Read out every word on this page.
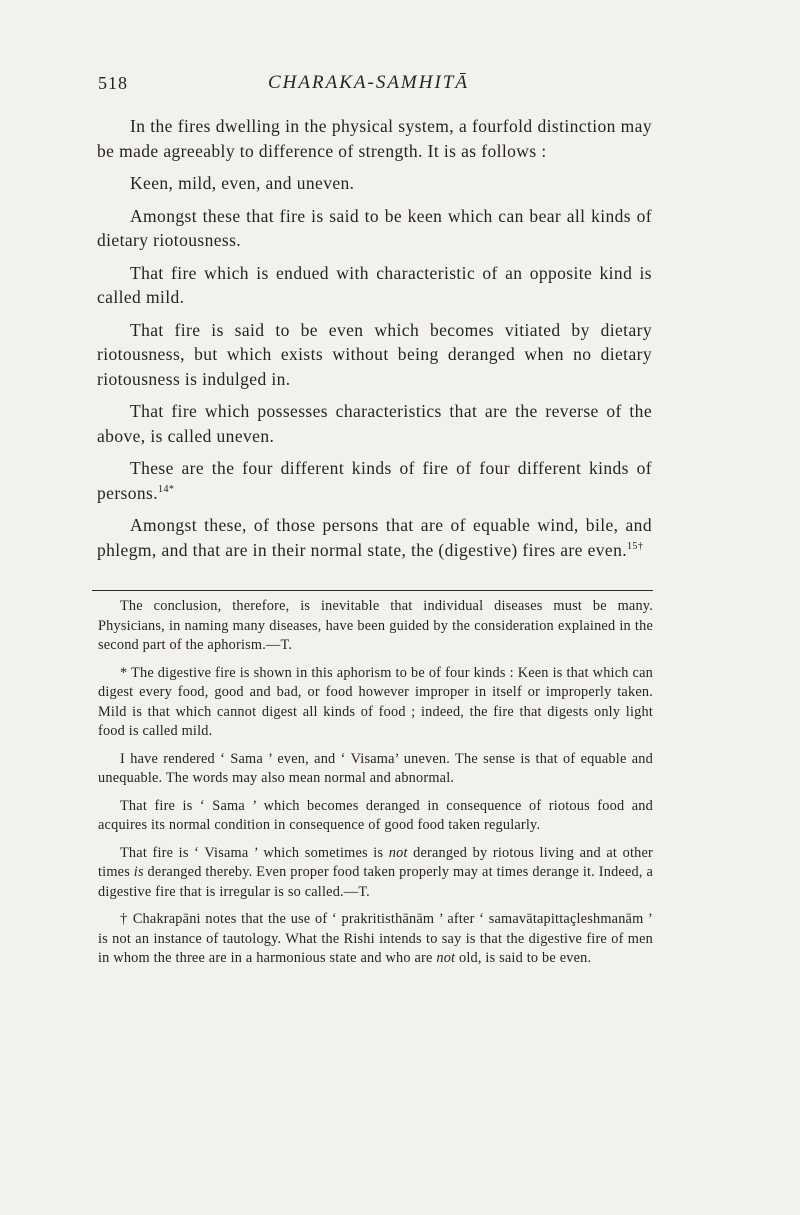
518	CHARAKA-SAMHITĀ

In the fires dwelling in the physical system, a fourfold distinction may be made agreeably to difference of strength. It is as follows :

Keen, mild, even, and uneven.

Amongst these that fire is said to be keen which can bear all kinds of dietary riotousness.

That fire which is endued with characteristic of an opposite kind is called mild.

That fire is said to be even which becomes vitiated by dietary riotousness, but which exists without being deranged when no dietary riotousness is indulged in.

That fire which possesses characteristics that are the reverse of the above, is called uneven.

These are the four different kinds of fire of four different kinds of persons.$^{14*}$

Amongst these, of those persons that are of equable wind, bile, and phlegm, and that are in their normal state, the (digestive) fires are even.$^{15\dagger}$

The conclusion, therefore, is inevitable that individual diseases must be many. Physicians, in naming many diseases, have been guided by the consideration explained in the second part of the aphorism.—T.

* The digestive fire is shown in this aphorism to be of four kinds : Keen is that which can digest every food, good and bad, or food however improper in itself or improperly taken. Mild is that which cannot digest all kinds of food ; indeed, the fire that digests only light food is called mild.

I have rendered ‘ Sama ’ even, and ‘ Visama’ uneven. The sense is that of equable and unequable. The words may also mean normal and abnormal.

That fire is ‘ Sama ’ which becomes deranged in consequence of riotous food and acquires its normal condition in consequence of good food taken regularly.

That fire is ‘ Visama ’ which sometimes is not deranged by riotous living and at other times is deranged thereby. Even proper food taken properly may at times derange it. Indeed, a digestive fire that is irregular is so called.—T.

† Chakrapāni notes that the use of ‘ prakritisthānām ’ after ‘ samavātapittaçleshmanām ’ is not an instance of tautology. What the Rishi intends to say is that the digestive fire of men in whom the three are in a harmonious state and who are not old, is said to be even.
